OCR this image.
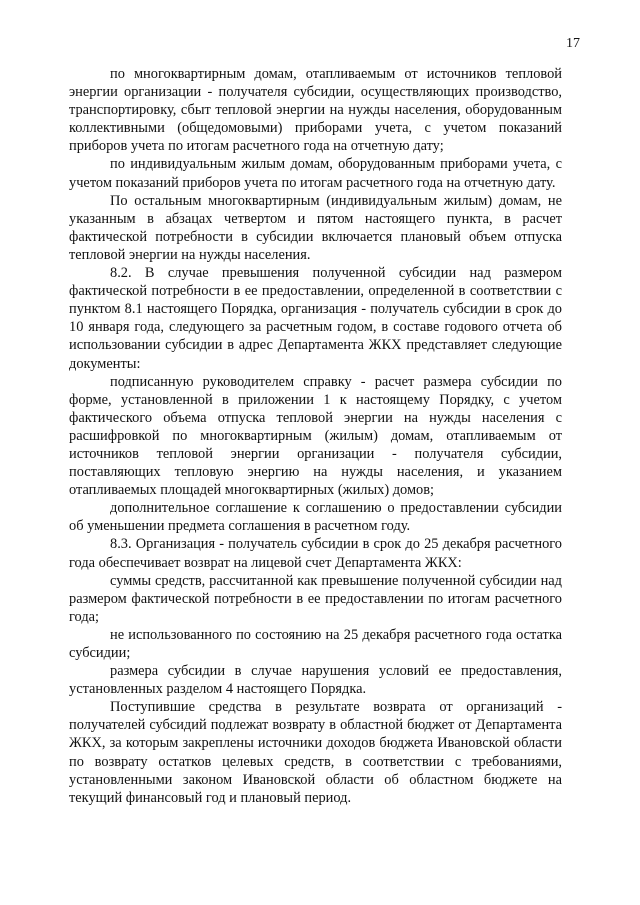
17

по многоквартирным домам, отапливаемым от источников тепловой энергии организации - получателя субсидии, осуществляющих производство, транспортировку, сбыт тепловой энергии на нужды населения, оборудованным коллективными (общедомовыми) приборами учета, с учетом показаний приборов учета по итогам расчетного года на отчетную дату;

по индивидуальным жилым домам, оборудованным приборами учета, с учетом показаний приборов учета по итогам расчетного года на отчетную дату.

По остальным многоквартирным (индивидуальным жилым) домам, не указанным в абзацах четвертом и пятом настоящего пункта, в расчет фактической потребности в субсидии включается плановый объем отпуска тепловой энергии на нужды населения.

8.2. В случае превышения полученной субсидии над размером фактической потребности в ее предоставлении, определенной в соответствии с пунктом 8.1 настоящего Порядка, организация - получатель субсидии в срок до 10 января года, следующего за расчетным годом, в составе годового отчета об использовании субсидии в адрес Департамента ЖКХ представляет следующие документы:

подписанную руководителем справку - расчет размера субсидии по форме, установленной в приложении 1 к настоящему Порядку, с учетом фактического объема отпуска тепловой энергии на нужды населения с расшифровкой по многоквартирным (жилым) домам, отапливаемым от источников тепловой энергии организации - получателя субсидии, поставляющих тепловую энергию на нужды населения, и указанием отапливаемых площадей многоквартирных (жилых) домов;

дополнительное соглашение к соглашению о предоставлении субсидии об уменьшении предмета соглашения в расчетном году.

8.3. Организация - получатель субсидии в срок до 25 декабря расчетного года обеспечивает возврат на лицевой счет Департамента ЖКХ:

суммы средств, рассчитанной как превышение полученной субсидии над размером фактической потребности в ее предоставлении по итогам расчетного года;

не использованного по состоянию на 25 декабря расчетного года остатка субсидии;

размера субсидии в случае нарушения условий ее предоставления, установленных разделом 4 настоящего Порядка.

Поступившие средства в результате возврата от организаций - получателей субсидий подлежат возврату в областной бюджет от Департамента ЖКХ, за которым закреплены источники доходов бюджета Ивановской области по возврату остатков целевых средств, в соответствии с требованиями, установленными законом Ивановской области об областном бюджете на текущий финансовый год и плановый период.
